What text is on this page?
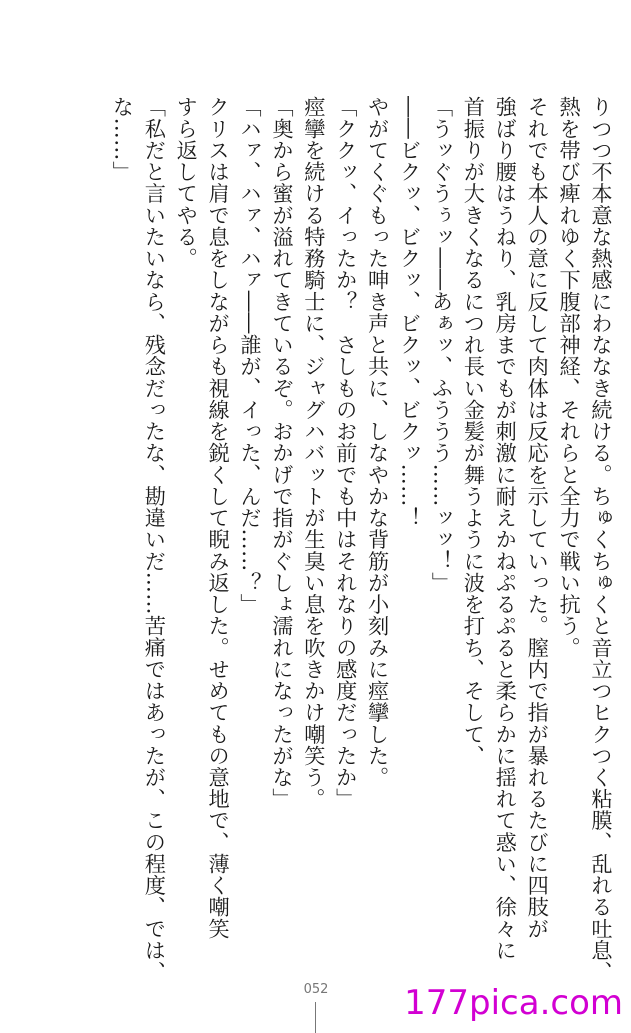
りつつ不本意な熱感にわななき続ける。ちゅくちゅくと音立つヒクつく粘膜、乱れる吐息、
熱を帯び痺れゆく下腹部神経、それらと全力で戦い抗う。
それでも本人の意に反して肉体は反応を示していった。膣内で指が暴れるたびに四肢が
強ばり腰はうねり、乳房までもが刺激に耐えかねぷるぷると柔らかに揺れて惑い、徐々に
首振りが大きくなるにつれ長い金髪が舞うように波を打ち、そして、
「うッぐうぅッ――あぁッ、ふううう……ッッ！」
――ビクッ、ビクッ、ビクッ、ビクッ……！
やがてくぐもった呻き声と共に、しなやかな背筋が小刻みに痙攣した。
「ククッ、イったか？　さしものお前でも中はそれなりの感度だったか」
痙攣を続ける特務騎士に、ジャグハバットが生臭い息を吹きかけ嘲笑う。
「奥から蜜が溢れてきているぞ。おかげで指がぐしょ濡れになったがな」
「ハァ、ハァ、ハァ――誰が、イった、んだ……？」
クリスは肩で息をしながらも視線を鋭くして睨み返した。せめてもの意地で、薄く嘲笑
すら返してやる。
「私だと言いたいなら、残念だったな、勘違いだ……苦痛ではあったが、この程度、では、
な……」
052 177pica.com
